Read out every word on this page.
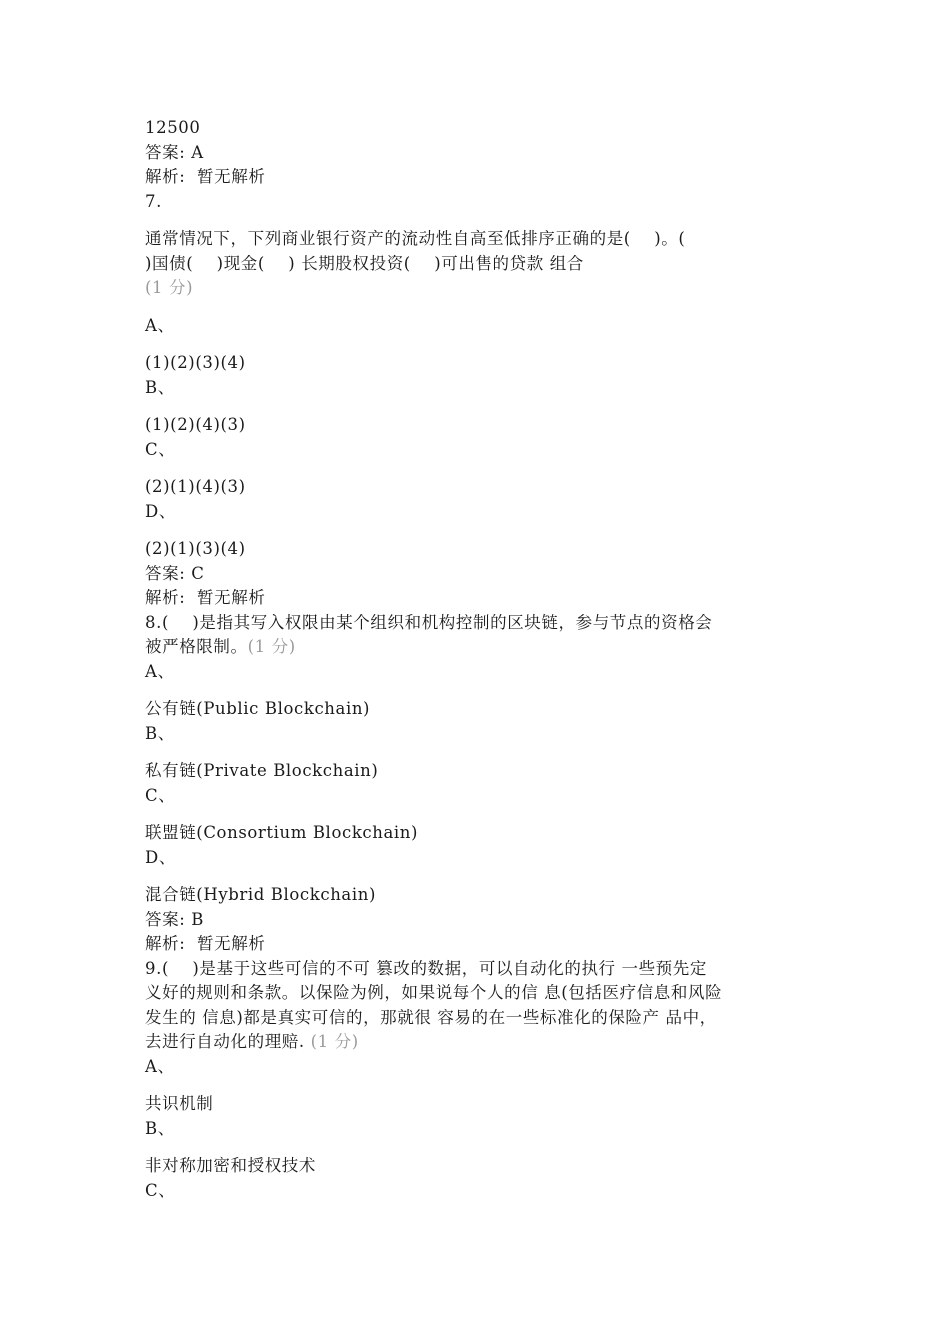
12500
答案: A
解析:  暂无解析
7.
通常情况下，下列商业银行资产的流动性自高至低排序正确的是(    )。(
)国债(    )现金(    ) 长期股权投资(    )可出售的贷款 组合
(1 分)
A、
(1)(2)(3)(4)
B、
(1)(2)(4)(3)
C、
(2)(1)(4)(3)
D、
(2)(1)(3)(4)
答案: C
解析:  暂无解析
8.(    )是指其写入权限由某个组织和机构控制的区块链，参与节点的资格会
被严格限制。(1 分)
A、
公有链(Public Blockchain)
B、
私有链(Private Blockchain)
C、
联盟链(Consortium Blockchain)
D、
混合链(Hybrid Blockchain)
答案: B
解析:  暂无解析
9.(    )是基于这些可信的不可 篡改的数据，可以自动化的执行 一些预先定
义好的规则和条款。以保险为例，如果说每个人的信 息(包括医疗信息和风险
发生的 信息)都是真实可信的，那就很 容易的在一些标准化的保险产 品中，
去进行自动化的理赔. (1 分)
A、
共识机制
B、
非对称加密和授权技术
C、
